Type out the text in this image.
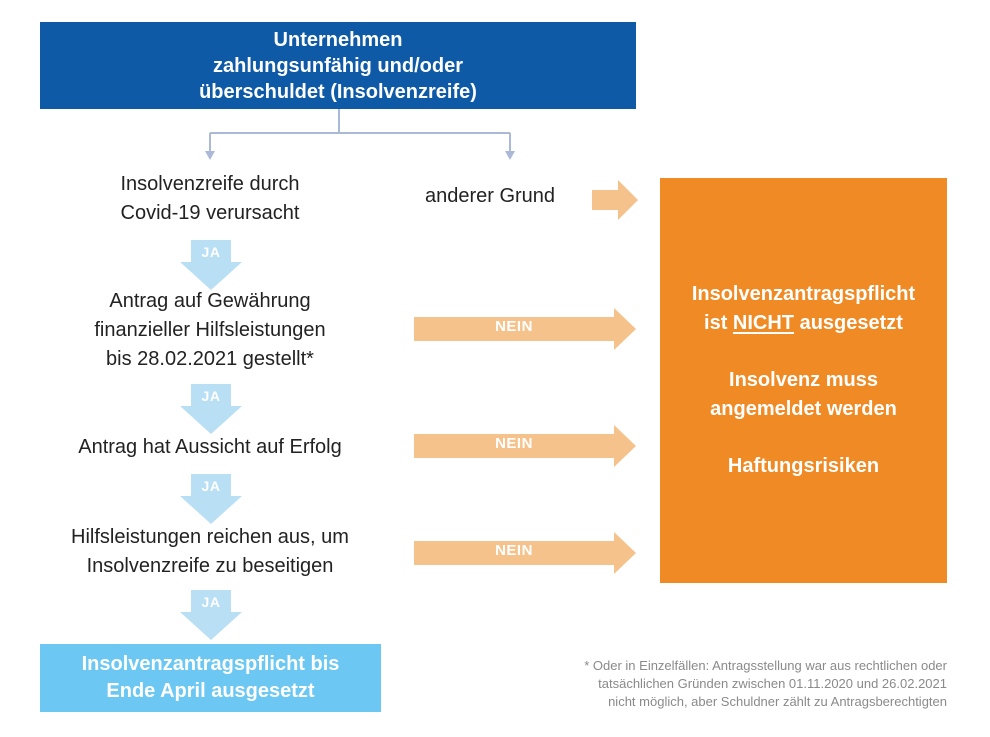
Unternehmen
zahlungsunfähig und/oder
überschuldet (Insolvenzreife)
Insolvenzreife durch
Covid-19 verursacht
anderer Grund
JA
Antrag auf Gewährung
finanzieller Hilfsleistungen
bis 28.02.2021 gestellt*
NEIN
JA
Antrag hat Aussicht auf Erfolg	NEIN
JA
Hilfsleistungen reichen aus, um
Insolvenzreife zu beseitigen
NEIN
JA
Insolvenzantragspflicht bis
Ende April ausgesetzt
Insolvenzantragspflicht
ist NICHT ausgesetzt
Insolvenz muss
angemeldet werden
Haftungsrisiken
* Oder in Einzelfällen: Antragsstellung war aus rechtlichen oder
tatsächlichen Gründen zwischen 01.11.2020 und 26.02.2021
nicht möglich, aber Schuldner zählt zu Antragsberechtigten
